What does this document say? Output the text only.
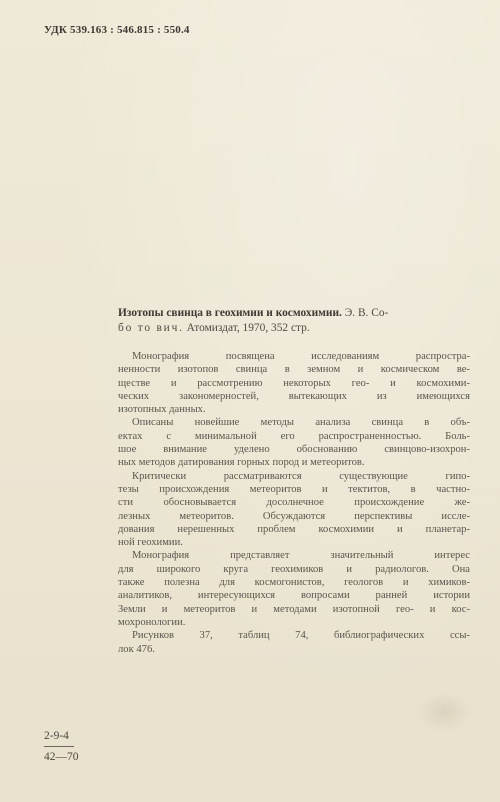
УДК 539.163 : 546.815 : 550.4

Изотопы свинца в геохимии и космохимии. Э. В. Со-

бо то вич. Атомиздат, 1970, 352 стр.

Монография посвящена исследованиям распростра-
ненности изотопов свинца в земном и космическом ве-
ществе и рассмотрению некоторых гео- и космохими-
ческих закономерностей, вытекающих из имеющихся
изотопных данных.
Описаны новейшие методы анализа свинца в объ-
ектах с минимальной его распространенностью. Боль-
шое внимание уделено обоснованию свинцово-изохрон-
ных методов датирования горных пород и метеоритов.
Критически рассматриваются существующие гипо-
тезы происхождения метеоритов и тектитов, в частно-
сти обосновывается досолнечное происхождение же-
лезных метеоритов. Обсуждаются перспективы иссле-
дования нерешенных проблем космохимии и планетар-
ной геохимии.
Монография представляет значительный интерес
для широкого круга геохимиков и радиологов. Она
также полезна для космогонистов, геологов и химиков-
аналитиков, интересующихся вопросами ранней истории
Земли и метеоритов и методами изотопной гео- и кос-
мохронологии.
Рисунков 37, таблиц 74, библиографических ссы-
лок 476.
$\frac{2-9-4}{42—70}$
